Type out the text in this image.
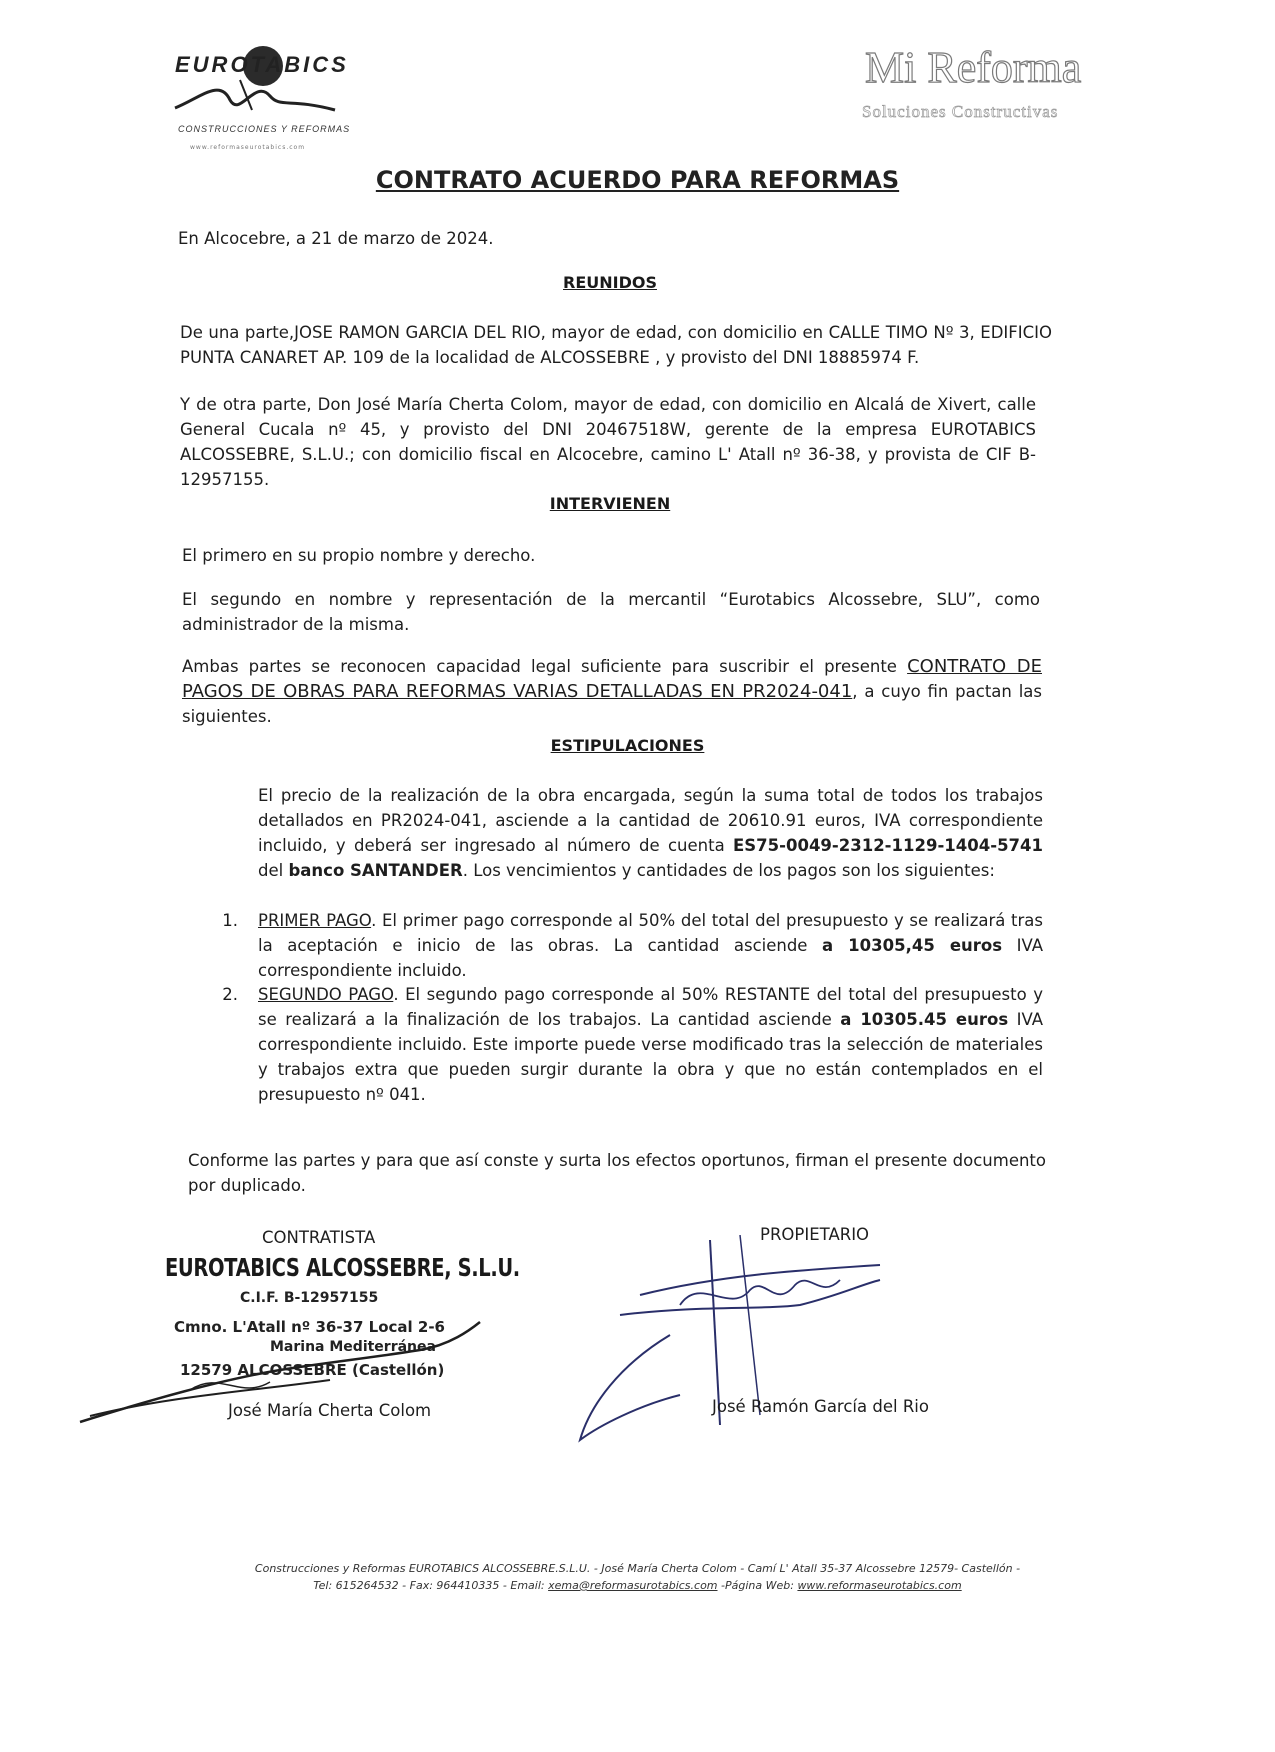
EUROTABICS
CONSTRUCCIONES Y REFORMAS
www.reformaseurotabics.com
Mi Reforma
Soluciones Constructivas
CONTRATO ACUERDO PARA REFORMAS
En Alcocebre, a 21 de marzo de 2024.
REUNIDOS
De una parte,JOSE RAMON GARCIA DEL RIO, mayor de edad, con domicilio en CALLE TIMO Nº 3, EDIFICIO PUNTA CANARET AP. 109 de la localidad de ALCOSSEBRE , y provisto del DNI 18885974 F.
Y de otra parte, Don José María Cherta Colom, mayor de edad, con domicilio en Alcalá de Xivert, calle General Cucala nº 45, y provisto del DNI 20467518W, gerente de la empresa EUROTABICS ALCOSSEBRE, S.L.U.; con domicilio fiscal en Alcocebre, camino L' Atall nº 36-38, y provista de CIF B-12957155.
INTERVIENEN
El primero en su propio nombre y derecho.
El segundo en nombre y representación de la mercantil “Eurotabics Alcossebre, SLU”, como administrador de la misma.
Ambas partes se reconocen capacidad legal suficiente para suscribir el presente CONTRATO DE PAGOS DE OBRAS PARA REFORMAS VARIAS DETALLADAS EN PR2024-041, a cuyo fin pactan las siguientes.
ESTIPULACIONES
El precio de la realización de la obra encargada, según la suma total de todos los trabajos detallados en PR2024-041, asciende a la cantidad de 20610.91 euros, IVA correspondiente incluido, y deberá ser ingresado al número de cuenta ES75-0049-2312-1129-1404-5741 del banco SANTANDER. Los vencimientos y cantidades de los pagos son los siguientes:
1. PRIMER PAGO. El primer pago corresponde al 50% del total del presupuesto y se realizará tras la aceptación e inicio de las obras. La cantidad asciende a 10305,45 euros IVA correspondiente incluido.
2. SEGUNDO PAGO. El segundo pago corresponde al 50% RESTANTE del total del presupuesto y se realizará a la finalización de los trabajos. La cantidad asciende a 10305.45 euros IVA correspondiente incluido. Este importe puede verse modificado tras la selección de materiales y trabajos extra que pueden surgir durante la obra y que no están contemplados en el presupuesto nº 041.
Conforme las partes y para que así conste y surta los efectos oportunos, firman el presente documento por duplicado.
CONTRATISTA
EUROTABICS ALCOSSEBRE, S.L.U.
C.I.F. B-12957155
Cmno. L'Atall nº 36-37 Local 2-6
Marina Mediterránea
12579 ALCOSSEBRE (Castellón)
José María Cherta Colom
PROPIETARIO
José Ramón García del Rio
Construcciones y Reformas EUROTABICS ALCOSSEBRE.S.L.U. - José María Cherta Colom - Camí L' Atall 35-37 Alcossebre 12579- Castellón -
Tel: 615264532 - Fax: 964410335 - Email: xema@reformasurotabics.com -Página Web: www.reformaseurotabics.com
